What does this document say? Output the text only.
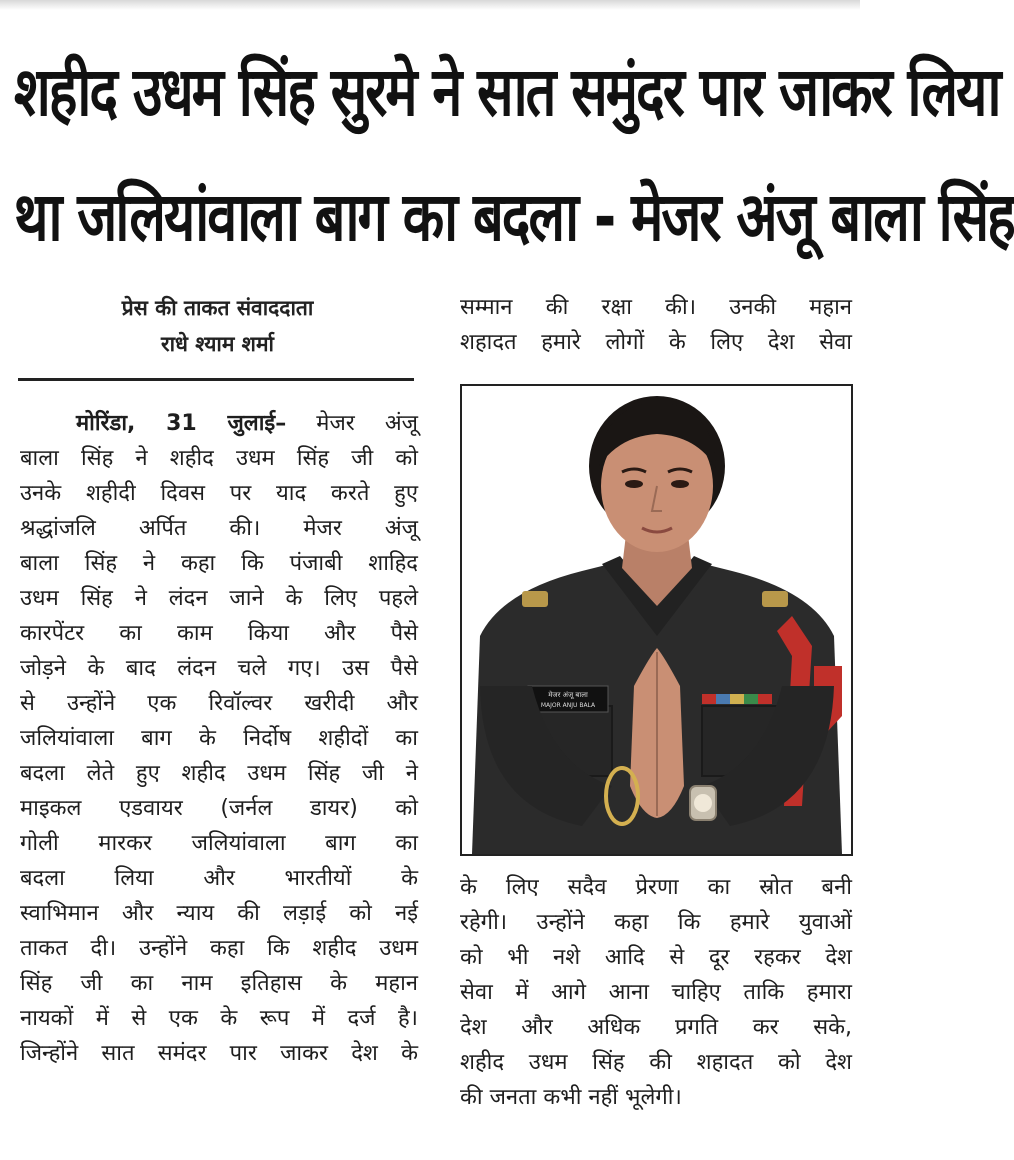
शहीद उधम सिंह सुरमे ने सात समुंदर पार जाकर लिया
था जलियांवाला बाग का बदला - मेजर अंजू बाला सिंह
प्रेस की ताकत संवाददाता
राधे श्याम शर्मा

मोरिंडा, 31 जुलाई– मेजर अंजू

बाला सिंह ने शहीद उधम सिंह जी को

उनके शहीदी दिवस पर याद करते हुए

श्रद्धांजलि अर्पित की। मेजर अंजू

बाला सिंह ने कहा कि पंजाबी शाहिद

उधम सिंह ने लंदन जाने के लिए पहले

कारपेंटर का काम किया और पैसे

जोड़ने के बाद लंदन चले गए। उस पैसे

से उन्होंने एक रिवॉल्वर खरीदी और

जलियांवाला बाग के निर्दोष शहीदों का

बदला लेते हुए शहीद उधम सिंह जी ने

माइकल एडवायर (जर्नल डायर) को

गोली मारकर जलियांवाला बाग का

बदला लिया और भारतीयों के

स्वाभिमान और न्याय की लड़ाई को नई

ताकत दी। उन्होंने कहा कि शहीद उधम

सिंह जी का नाम इतिहास के महान

नायकों में से एक के रूप में दर्ज है।

जिन्होंने सात समंदर पार जाकर देश के

सम्मान की रक्षा की। उनकी महान

शहादत हमारे लोगों के लिए देश सेवा

मेजर अंजू बाला
MAJOR ANJU BALA

के लिए सदैव प्रेरणा का स्रोत बनी

रहेगी। उन्होंने कहा कि हमारे युवाओं

को भी नशे आदि से दूर रहकर देश

सेवा में आगे आना चाहिए ताकि हमारा

देश और अधिक प्रगति कर सके,

शहीद उधम सिंह की शहादत को देश

की जनता कभी नहीं भूलेगी।
